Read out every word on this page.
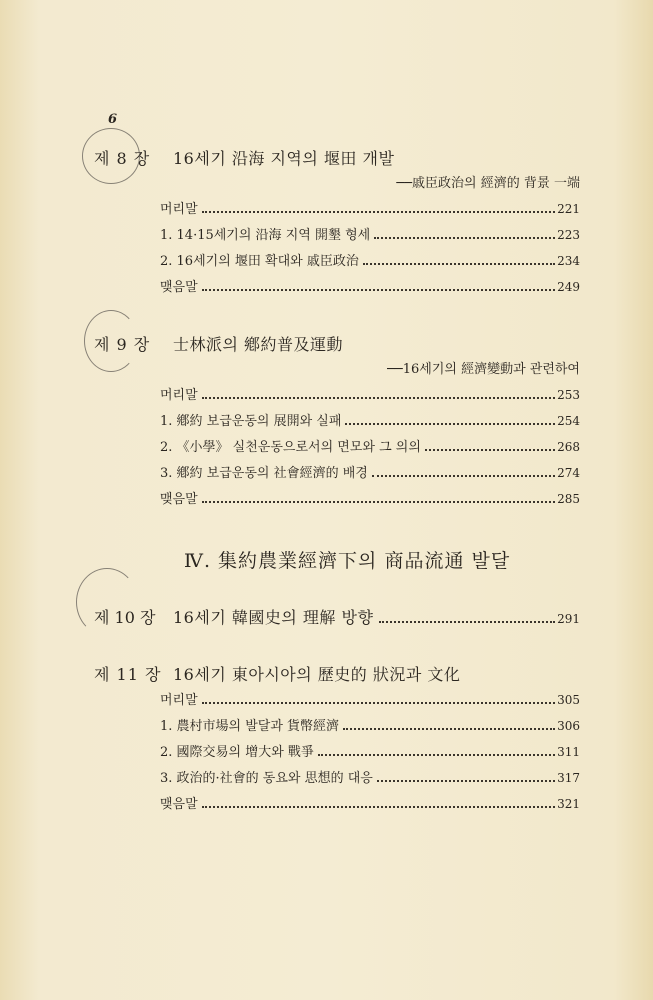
6
제 8 장 16세기 沿海 지역의 堰田 개발
──戚臣政治의 經濟的 背景 一端
머리말	221
1. 14·15세기의 沿海 지역 開墾 형세	223
2. 16세기의 堰田 확대와 戚臣政治	234
맺음말	249
제 9 장 士林派의 鄕約普及運動
──16세기의 經濟變動과 관련하여
머리말	253
1. 鄕約 보급운동의 展開와 실패	254
2. 《小學》 실천운동으로서의 면모와 그 의의	268
3. 鄕約 보급운동의 社會經濟的 배경	274
맺음말	285
Ⅳ. 集約農業經濟下의 商品流通 발달
제 10 장	16세기 韓國史의 理解 방향	291
제 11 장 16세기 東아시아의 歷史的 狀況과 文化
머리말	305
1. 農村市場의 발달과 貨幣經濟	306
2. 國際交易의 增大와 戰爭	311
3. 政治的·社會的 동요와 思想的 대응	317
맺음말	321
